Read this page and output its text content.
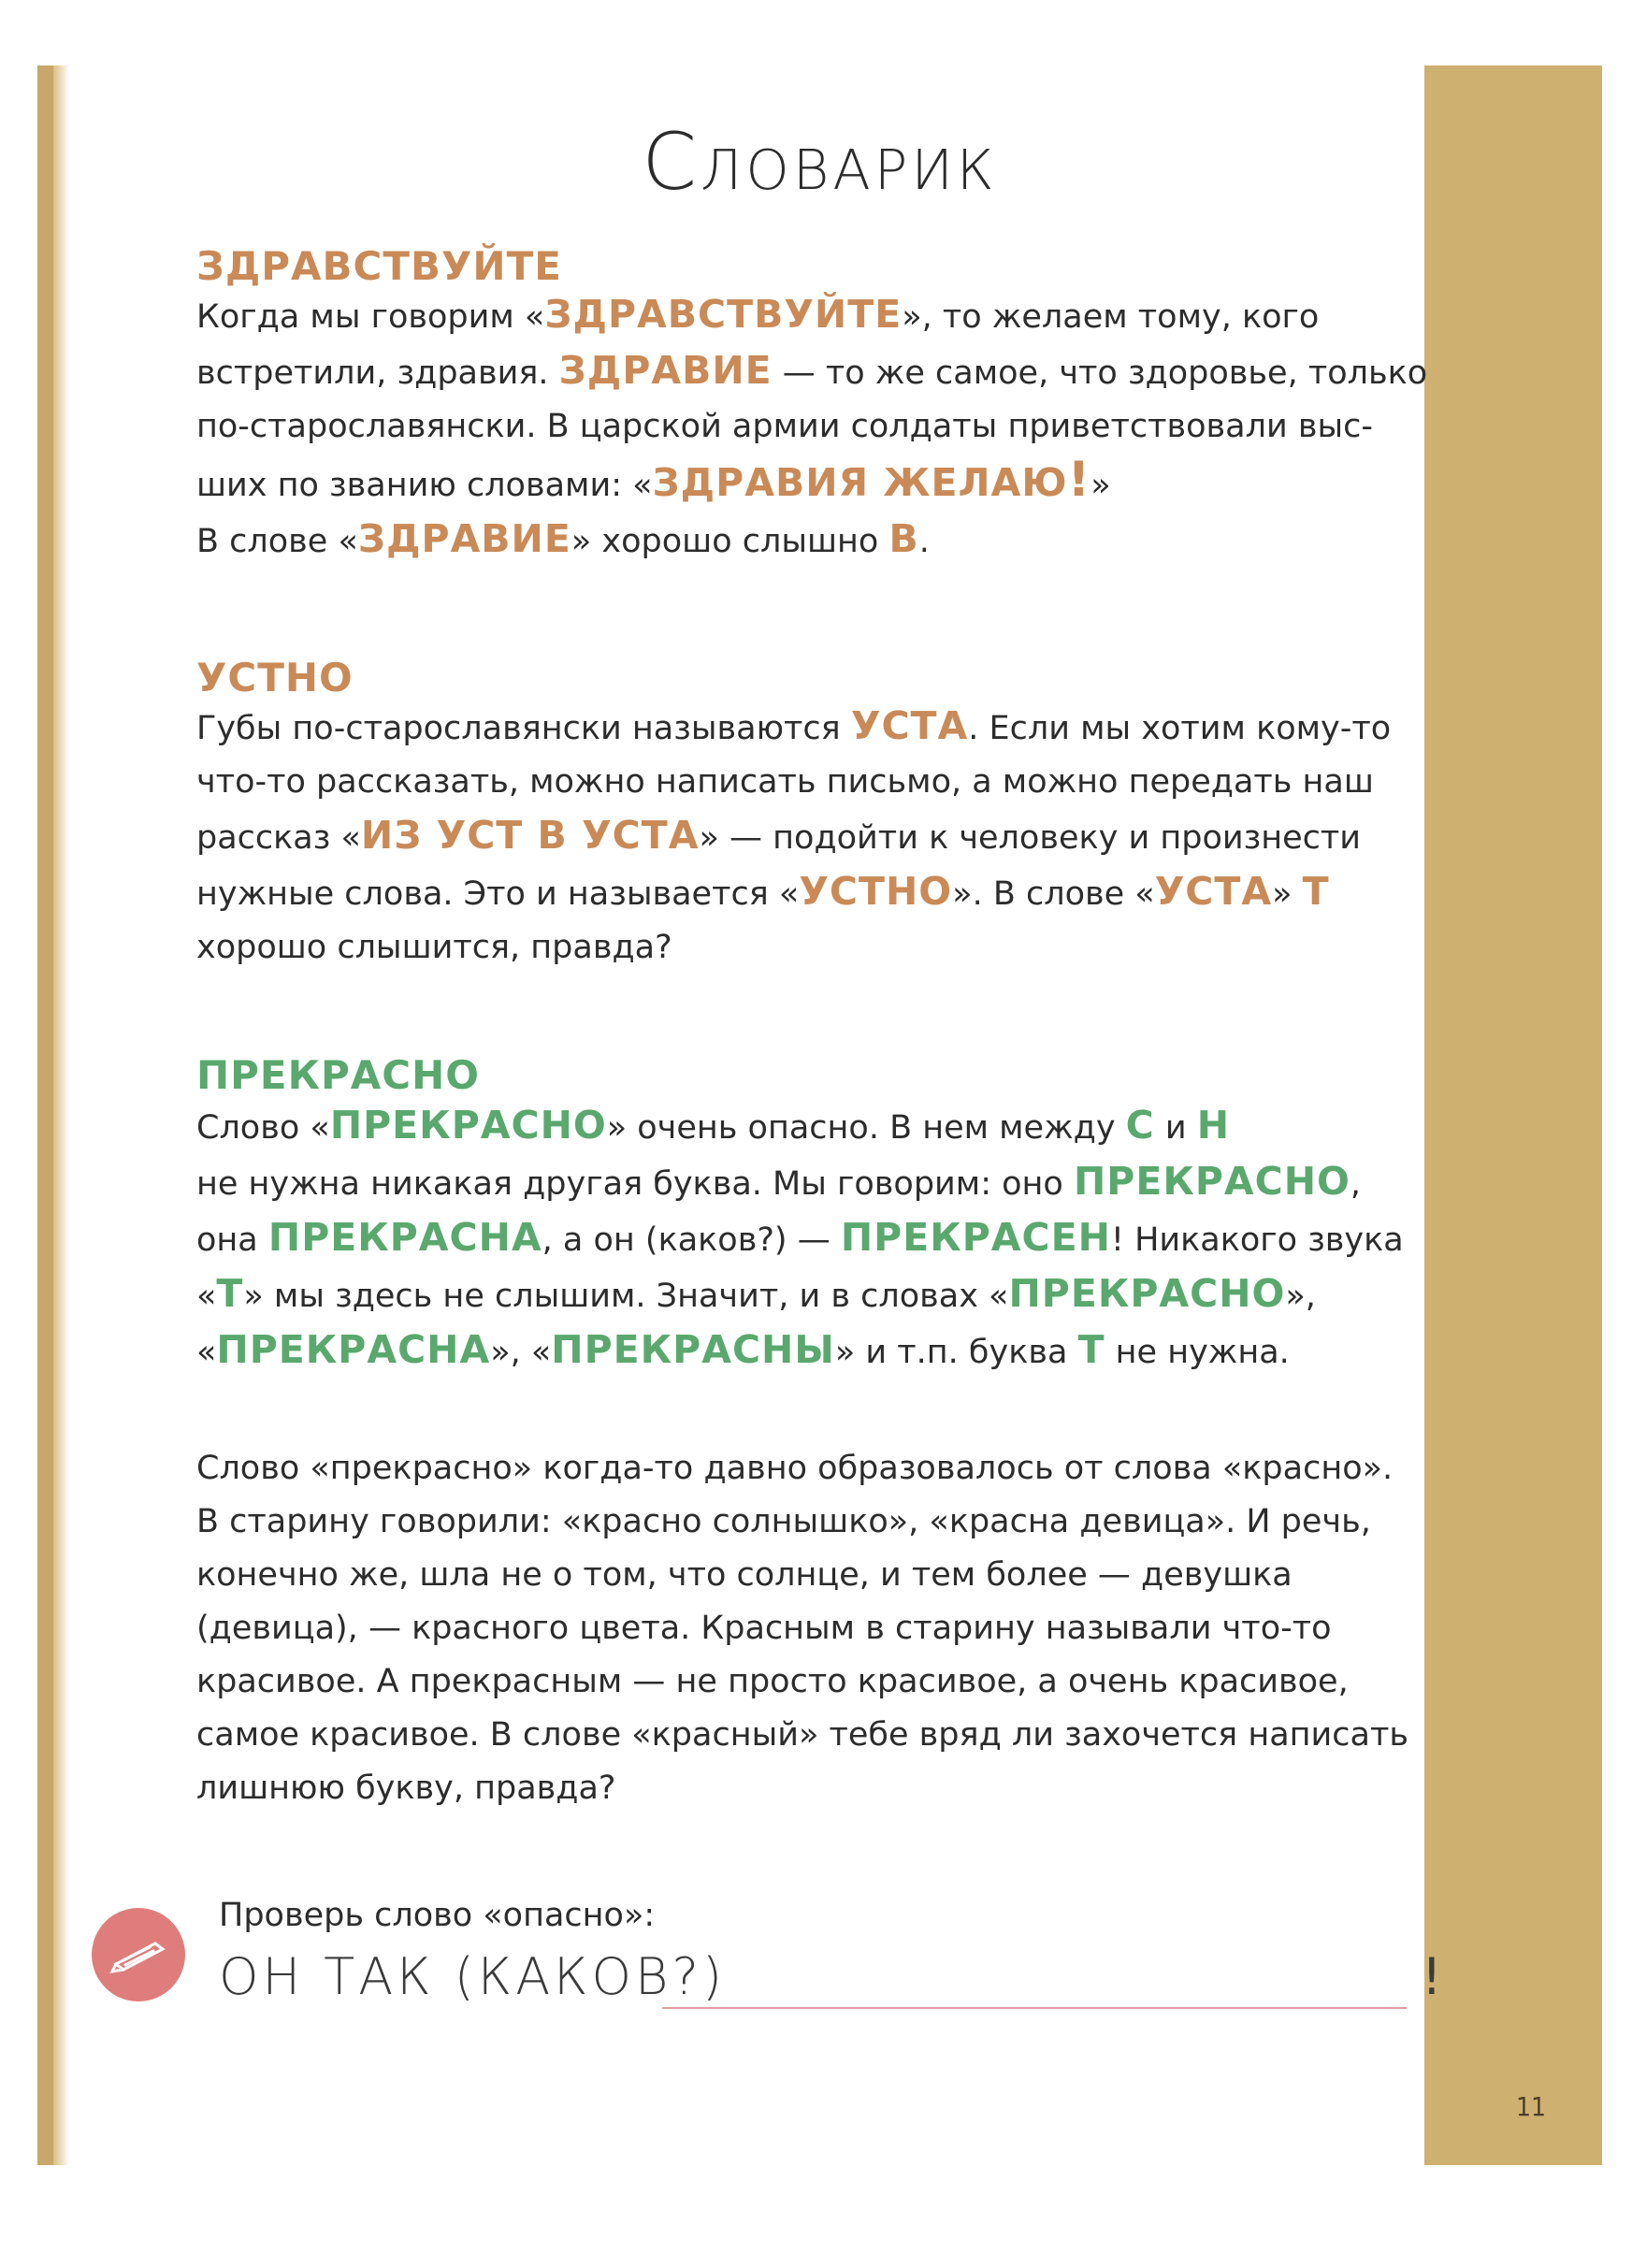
Словарик
ЗДРАВСТВУЙТЕ
Когда мы говорим «ЗДРАВСТВУЙТЕ», то желаем тому, кого
встретили, здравия. ЗДРАВИЕ — то же самое, что здоровье, только
по-старославянски. В царской армии солдаты приветствовали выс-
ших по званию словами: «ЗДРАВИЯ ЖЕЛАЮ!»
В слове «ЗДРАВИЕ» хорошо слышно В.
УСТНО
Губы по-старославянски называются УСТА. Если мы хотим кому-то
что-то рассказать, можно написать письмо, а можно передать наш
рассказ «ИЗ УСТ В УСТА» — подойти к человеку и произнести
нужные слова. Это и называется «УСТНО». В слове «УСТА» Т
хорошо слышится, правда?
ПРЕКРАСНО
Слово «ПРЕКРАСНО» очень опасно. В нем между С и Н
не нужна никакая другая буква. Мы говорим: оно ПРЕКРАСНО,
она ПРЕКРАСНА, а он (каков?) — ПРЕКРАСЕН! Никакого звука
«Т» мы здесь не слышим. Значит, и в словах «ПРЕКРАСНО»,
«ПРЕКРАСНА», «ПРЕКРАСНЫ» и т.п. буква Т не нужна.
Слово «прекрасно» когда-то давно образовалось от слова «красно».
В старину говорили: «красно солнышко», «красна девица». И речь,
конечно же, шла не о том, что солнце, и тем более — девушка
(девица), — красного цвета. Красным в старину называли что-то
красивое. А прекрасным — не просто красивое, а очень красивое,
самое красивое. В слове «красный» тебе вряд ли захочется написать
лишнюю букву, правда?
Проверь слово «опасно»:
ОН ТАК (КАКОВ?)	!
11
